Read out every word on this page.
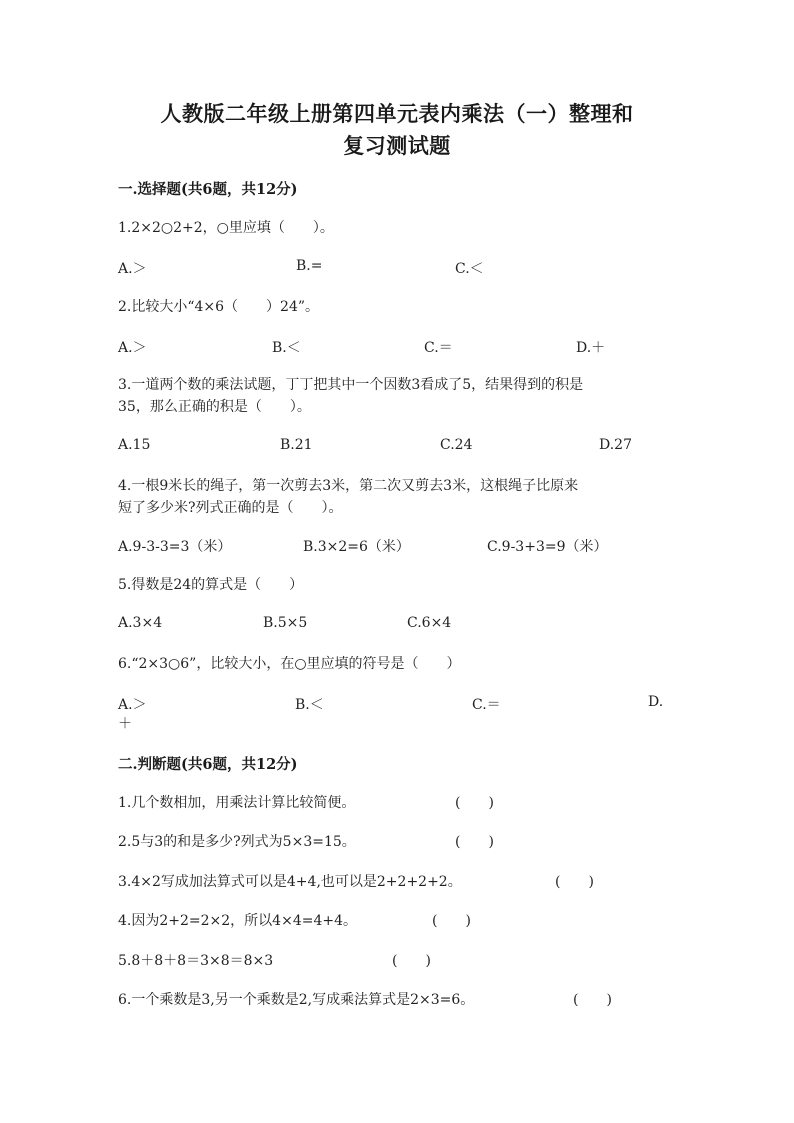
人教版二年级上册第四单元表内乘法（一）整理和
复习测试题
一.选择题(共6题，共12分)
1.2×2○2+2，○里应填（　　）。
A.＞	B.=	C.＜
2.比较大小“4×6（　　）24”。
A.＞	B.＜	C.＝	D.＋
3.一道两个数的乘法试题，丁丁把其中一个因数3看成了5，结果得到的积是
35，那么正确的积是（　　）。
A.15	B.21	C.24	D.27
4.一根9米长的绳子，第一次剪去3米，第二次又剪去3米，这根绳子比原来
短了多少米?列式正确的是（　　）。
A.9-3-3=3（米）	B.3×2=6（米）	C.9-3+3=9（米）
5.得数是24的算式是（　　）
A.3×4	B.5×5	C.6×4
6.“2×3○6”，比较大小，在○里应填的符号是（　　）
A.＞	B.＜	C.＝	D.
＋
二.判断题(共6题，共12分)
1.几个数相加，用乘法计算比较简便。	(　　)
2.5与3的和是多少?列式为5×3=15。	(　　)
3.4×2写成加法算式可以是4+4,也可以是2+2+2+2。	(　　)
4.因为2+2=2×2，所以4×4=4+4。	(　　)
5.8＋8＋8＝3×8＝8×3	(　　)
6.一个乘数是3,另一个乘数是2,写成乘法算式是2×3=6。	(　　)
